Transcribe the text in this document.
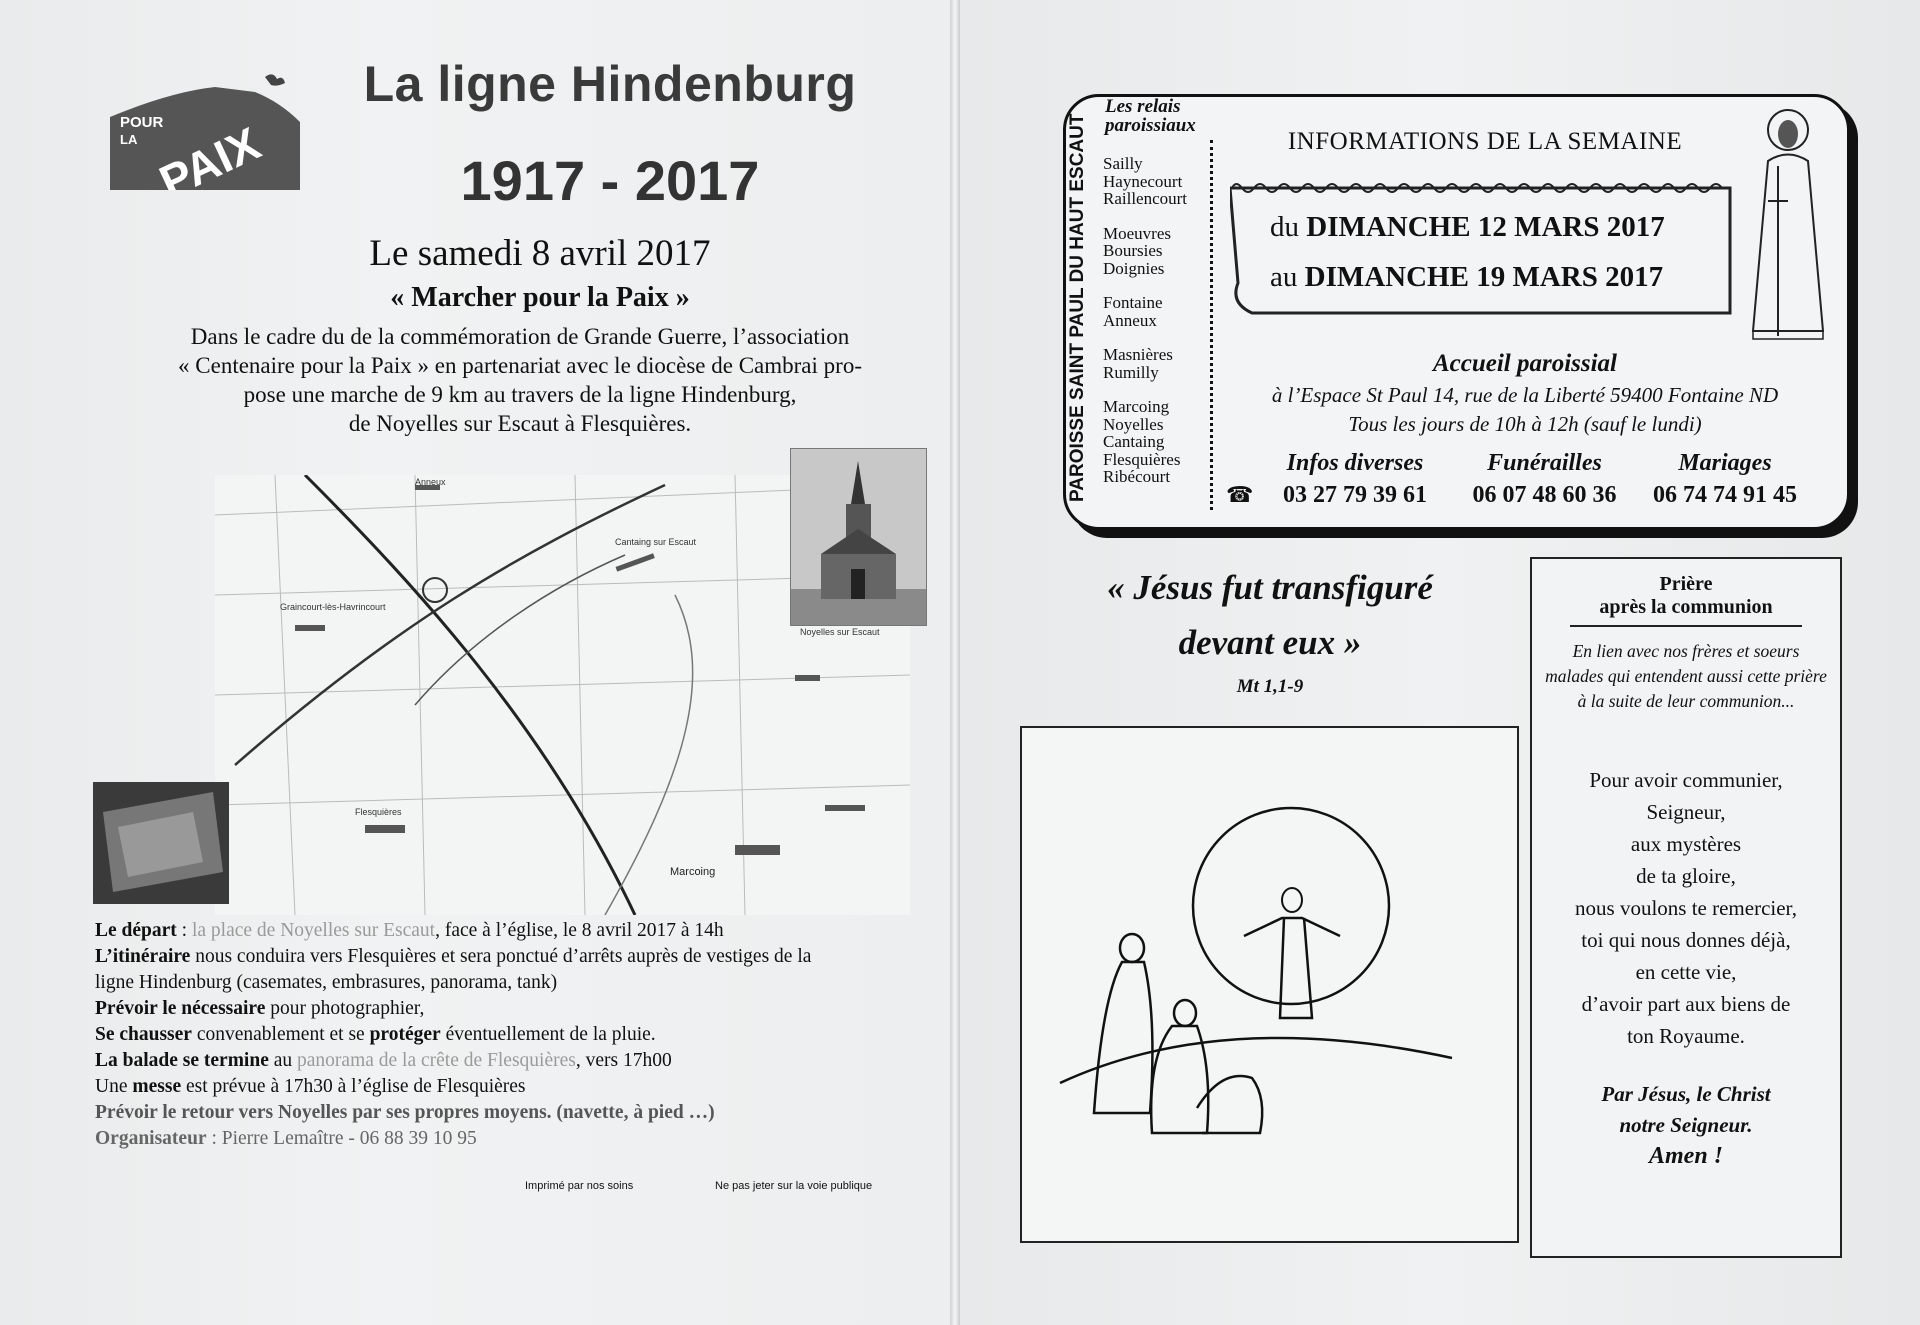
POUR
LA PAIX
La ligne Hindenburg
1917 - 2017
Le samedi 8 avril 2017
« Marcher pour la Paix »
Dans le cadre du de la commémoration de Grande Guerre, l’association
« Centenaire pour la Paix » en partenariat avec le diocèse de Cambrai pro-
pose une marche de 9 km au travers de la ligne Hindenburg,
de Noyelles sur Escaut à Flesquières.
Anneux
Cantaing sur Escaut
Graincourt-lès-Havrincourt
Noyelles sur Escaut
Flesquières
Marcoing

Le départ : la place de Noyelles sur Escaut, face à l’église, le 8 avril 2017 à 14h

L’itinéraire nous conduira vers Flesquières et sera ponctué d’arrêts auprès de vestiges de la

ligne Hindenburg (casemates, embrasures, panorama, tank)

Prévoir le nécessaire pour photographier,

Se chausser convenablement et se protéger éventuellement de la pluie.

La balade se termine au panorama de la crête de Flesquières, vers 17h00

Une messe est prévue à 17h30 à l’église de Flesquières

Prévoir le retour vers Noyelles par ses propres moyens. (navette, à pied …)

Organisateur : Pierre Lemaître - 06 88 39 10 95

Imprimé par nos soins	Ne pas jeter sur la voie publique
PAROISSE SAINT PAUL DU HAUT ESCAUT
Les relais
paroissiaux

Sailly

Haynecourt

Raillencourt

Moeuvres

Boursies

Doignies

Fontaine

Anneux

Masnières

Rumilly

Marcoing

Noyelles

Cantaing

Flesquières

Ribécourt

INFORMATIONS DE LA SEMAINE
du DIMANCHE 12 MARS 2017
au DIMANCHE 19 MARS 2017
Accueil paroissial
à l’Espace St Paul 14, rue de la Liberté 59400 Fontaine ND
Tous les jours de 10h à 12h (sauf le lundi)
☎
Infos diverses	Funérailles	Mariages
03 27 79 39 61	06 07 48 60 36	06 74 74 91 45
« Jésus fut transfiguré
devant eux »
Mt 1,1-9
Prière
après la communion
En lien avec nos frères et soeurs malades qui entendent aussi cette prière à la suite de leur communion...

Pour avoir communier,

Seigneur,

aux mystères

de ta gloire,

nous voulons te remercier,

toi qui nous donnes déjà,

en cette vie,

d’avoir part aux biens de

ton Royaume.

Par Jésus, le Christ

notre Seigneur.

Amen !
